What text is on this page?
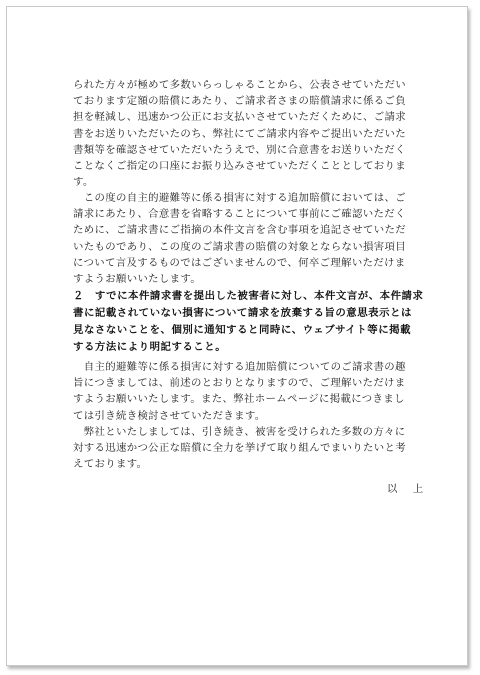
られた方々が極めて多数いらっしゃることから、公表させていただい
ております定額の賠償にあたり、ご請求者さまの賠償請求に係るご負
担を軽減し、迅速かつ公正にお支払いさせていただくために、ご請求
書をお送りいただいたのち、弊社にてご請求内容やご提出いただいた
書類等を確認させていただいたうえで、別に合意書をお送りいただく
ことなくご指定の口座にお振り込みさせていただくこととしておりま
す。
　この度の自主的避難等に係る損害に対する追加賠償においては、ご
請求にあたり、合意書を省略することについて事前にご確認いただく
ために、ご請求書にご指摘の本件文言を含む事項を追記させていただ
いたものであり、この度のご請求書の賠償の対象とならない損害項目
について言及するものではございませんので、何卒ご理解いただけま
すようお願いいたします。
２　すでに本件請求書を提出した被害者に対し、本件文言が、本件請求
書に記載されていない損害について請求を放棄する旨の意思表示とは
見なさないことを、個別に通知すると同時に、ウェブサイト等に掲載
する方法により明記すること。
　自主的避難等に係る損害に対する追加賠償についてのご請求書の趣
旨につきましては、前述のとおりとなりますので、ご理解いただけま
すようお願いいたします。また、弊社ホームページに掲載につきまし
ては引き続き検討させていただきます。
　弊社といたしましては、引き続き、被害を受けられた多数の方々に
対する迅速かつ公正な賠償に全力を挙げて取り組んでまいりたいと考
えております。
以 上
